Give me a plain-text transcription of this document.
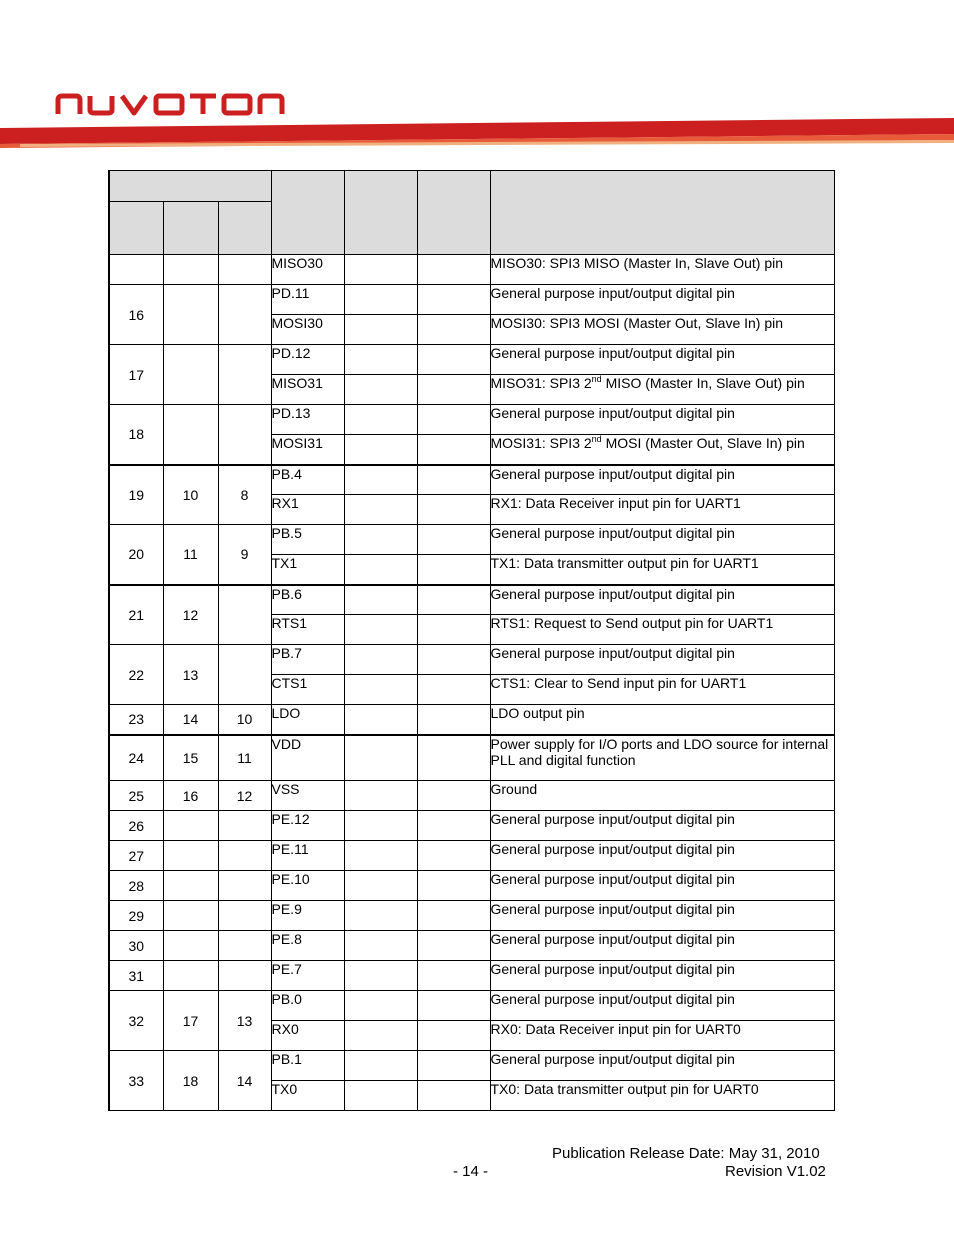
			MISO30			MISO30: SPI3 MISO (Master In, Slave Out) pin
16			PD.11			General purpose input/output digital pin
			MOSI30			MOSI30: SPI3 MOSI (Master Out, Slave In) pin
17			PD.12			General purpose input/output digital pin
			MISO31			MISO31: SPI3 2nd MISO (Master In, Slave Out) pin
18			PD.13			General purpose input/output digital pin
			MOSI31			MOSI31: SPI3 2nd MOSI (Master Out, Slave In) pin
19	10	8	PB.4			General purpose input/output digital pin
			RX1			RX1: Data Receiver input pin for UART1
20	11	9	PB.5			General purpose input/output digital pin
			TX1			TX1: Data transmitter output pin for UART1
21	12		PB.6			General purpose input/output digital pin
			RTS1			RTS1: Request to Send output pin for UART1
22	13		PB.7			General purpose input/output digital pin
			CTS1			CTS1: Clear to Send input pin for UART1
23	14	10	LDO			LDO output pin
24	15	11	VDD			Power supply for I/O ports and LDO source for internal PLL and digital function
25	16	12	VSS			Ground
26			PE.12			General purpose input/output digital pin
27			PE.11			General purpose input/output digital pin
28			PE.10			General purpose input/output digital pin
29			PE.9			General purpose input/output digital pin
30			PE.8			General purpose input/output digital pin
31			PE.7			General purpose input/output digital pin
32	17	13	PB.0			General purpose input/output digital pin
			RX0			RX0: Data Receiver input pin for UART0
33	18	14	PB.1			General purpose input/output digital pin
			TX0			TX0: Data transmitter output pin for UART0
Publication Release Date: May 31, 2010
- 14 -	Revision V1.02
